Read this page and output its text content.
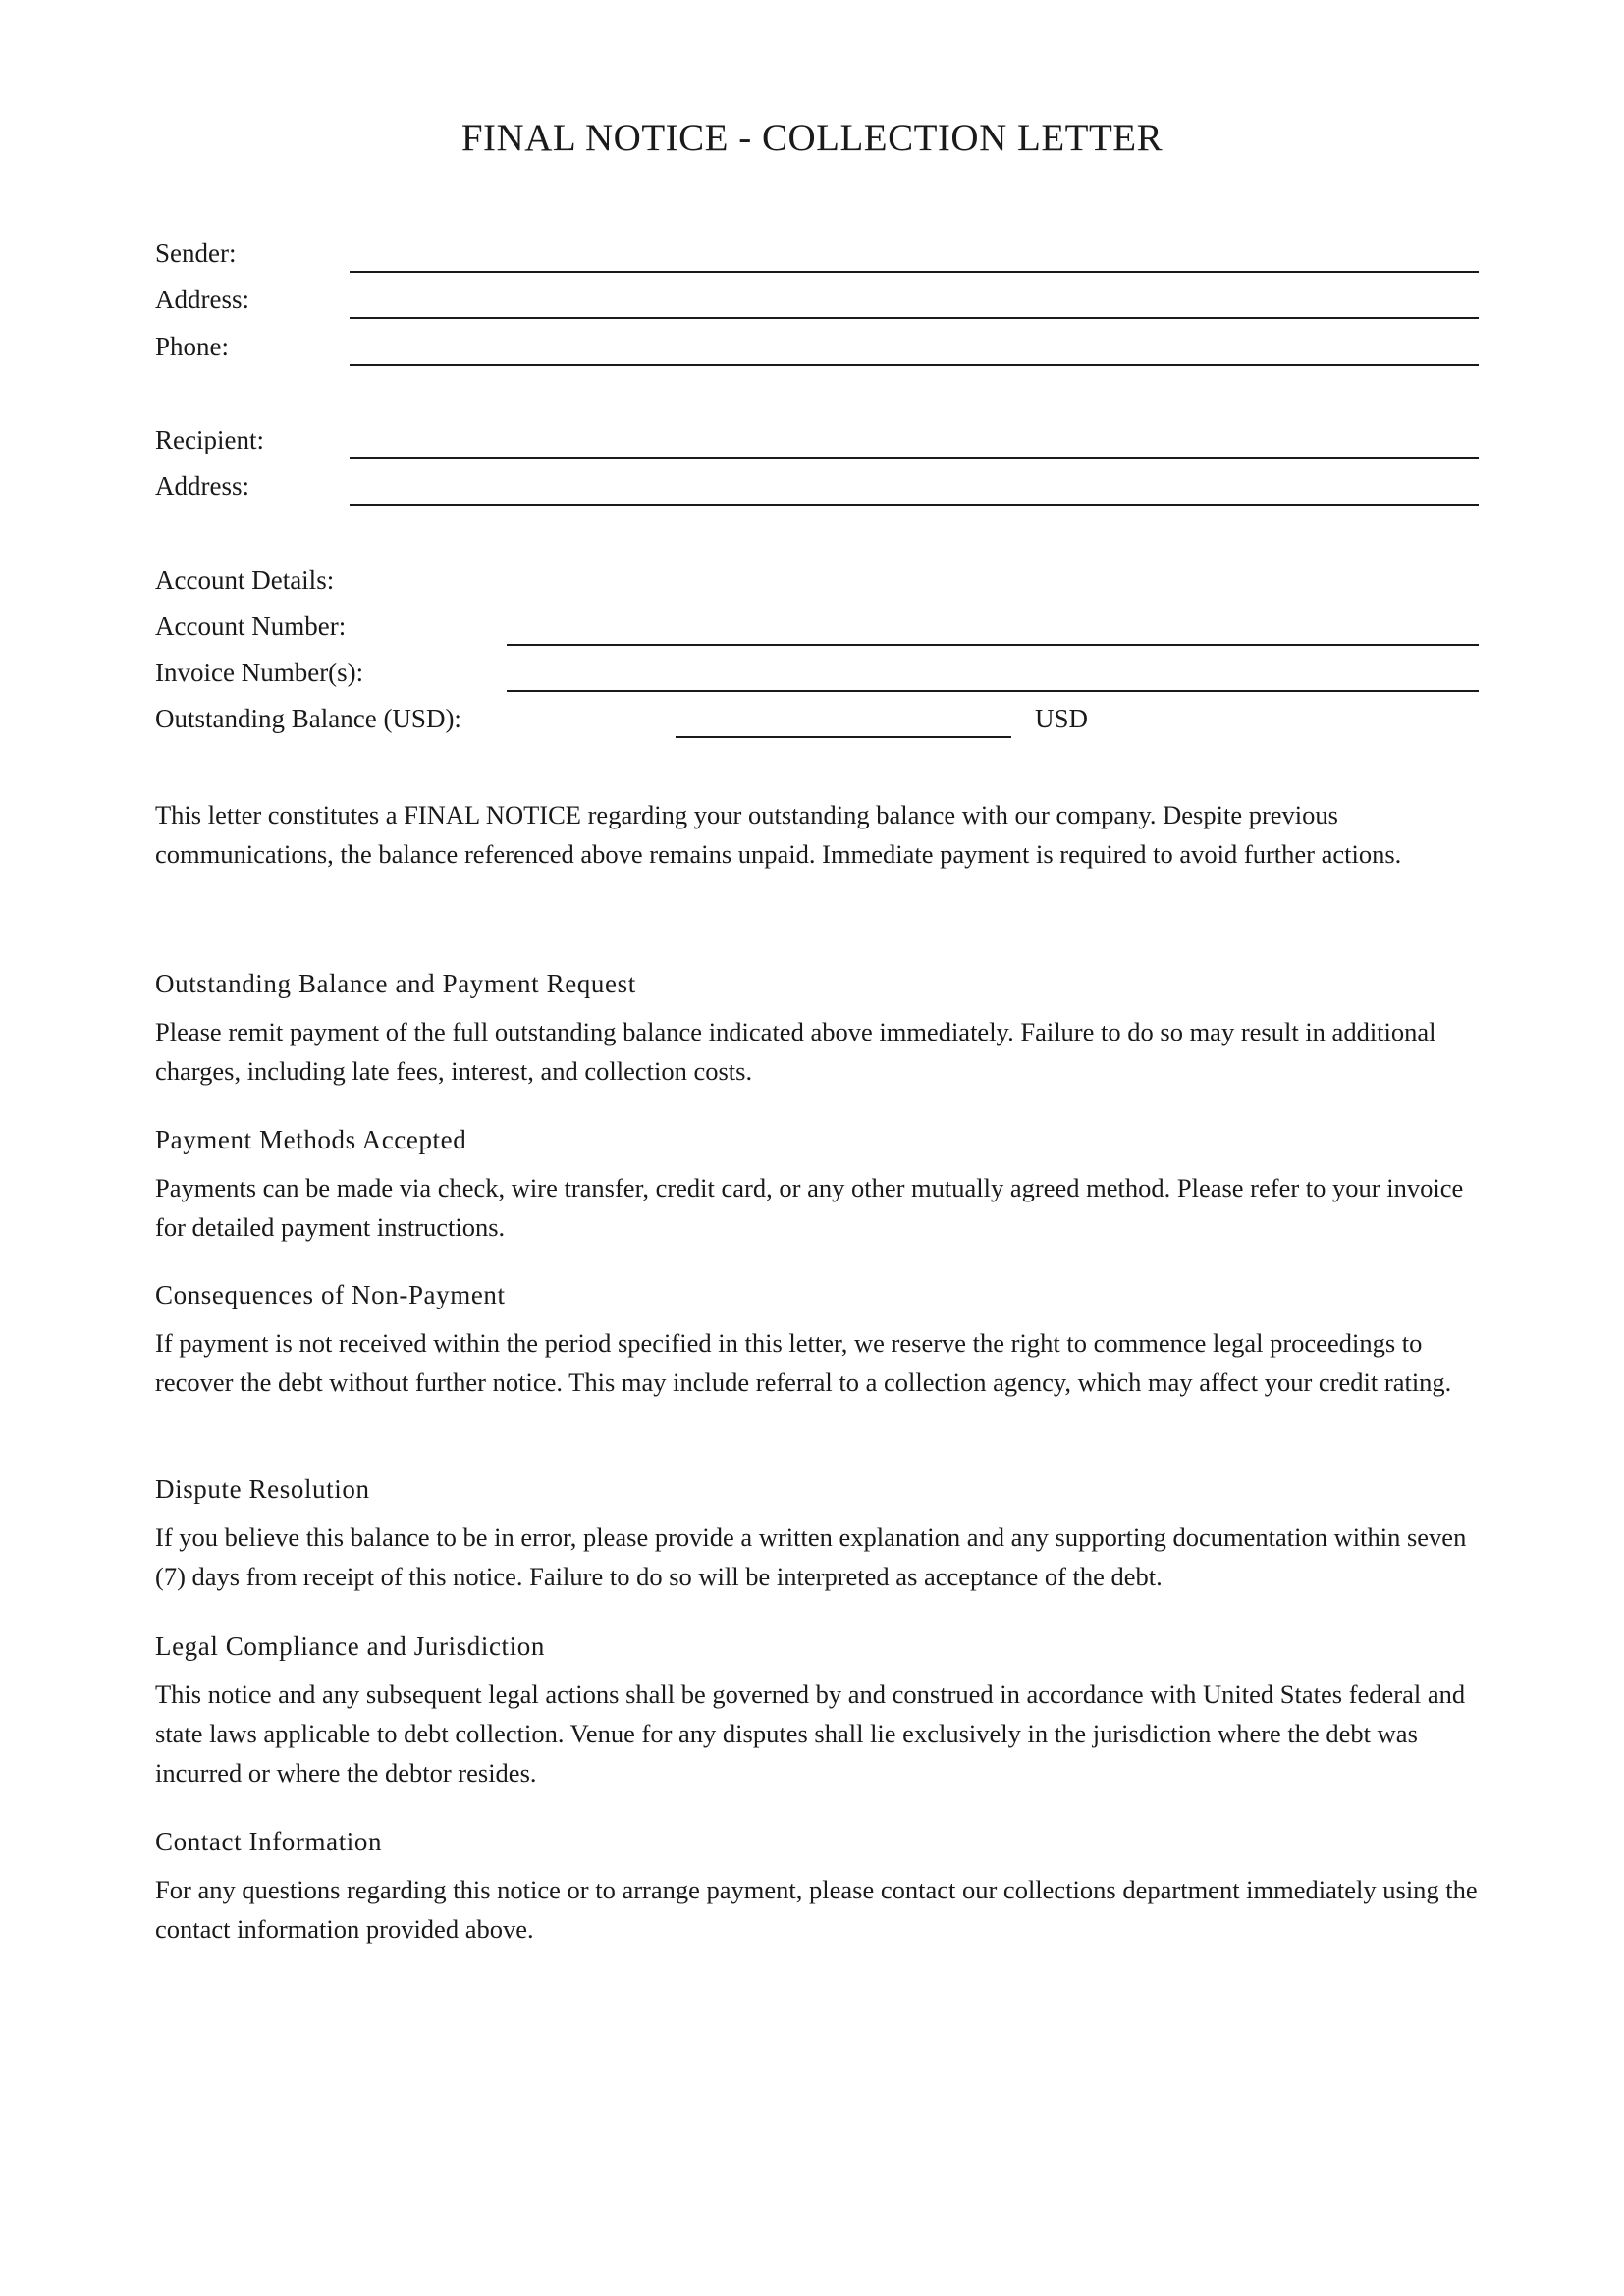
FINAL NOTICE - COLLECTION LETTER
Sender:
Address:
Phone:
Recipient:
Address:
Account Details:
Account Number:
Invoice Number(s):
Outstanding Balance (USD):	USD

This letter constitutes a FINAL NOTICE regarding your outstanding balance with our company. Despite previous communications, the balance referenced above remains unpaid. Immediate payment is required to avoid further actions.

Outstanding Balance and Payment Request

Please remit payment of the full outstanding balance indicated above immediately. Failure to do so may result in additional charges, including late fees, interest, and collection costs.

Payment Methods Accepted

Payments can be made via check, wire transfer, credit card, or any other mutually agreed method. Please refer to your invoice for detailed payment instructions.

Consequences of Non-Payment

If payment is not received within the period specified in this letter, we reserve the right to commence legal proceedings to recover the debt without further notice. This may include referral to a collection agency, which may affect your credit rating.

Dispute Resolution

If you believe this balance to be in error, please provide a written explanation and any supporting documentation within seven (7) days from receipt of this notice. Failure to do so will be interpreted as acceptance of the debt.

Legal Compliance and Jurisdiction

This notice and any subsequent legal actions shall be governed by and construed in accordance with United States federal and state laws applicable to debt collection. Venue for any disputes shall lie exclusively in the jurisdiction where the debt was incurred or where the debtor resides.

Contact Information

For any questions regarding this notice or to arrange payment, please contact our collections department immediately using the contact information provided above.
